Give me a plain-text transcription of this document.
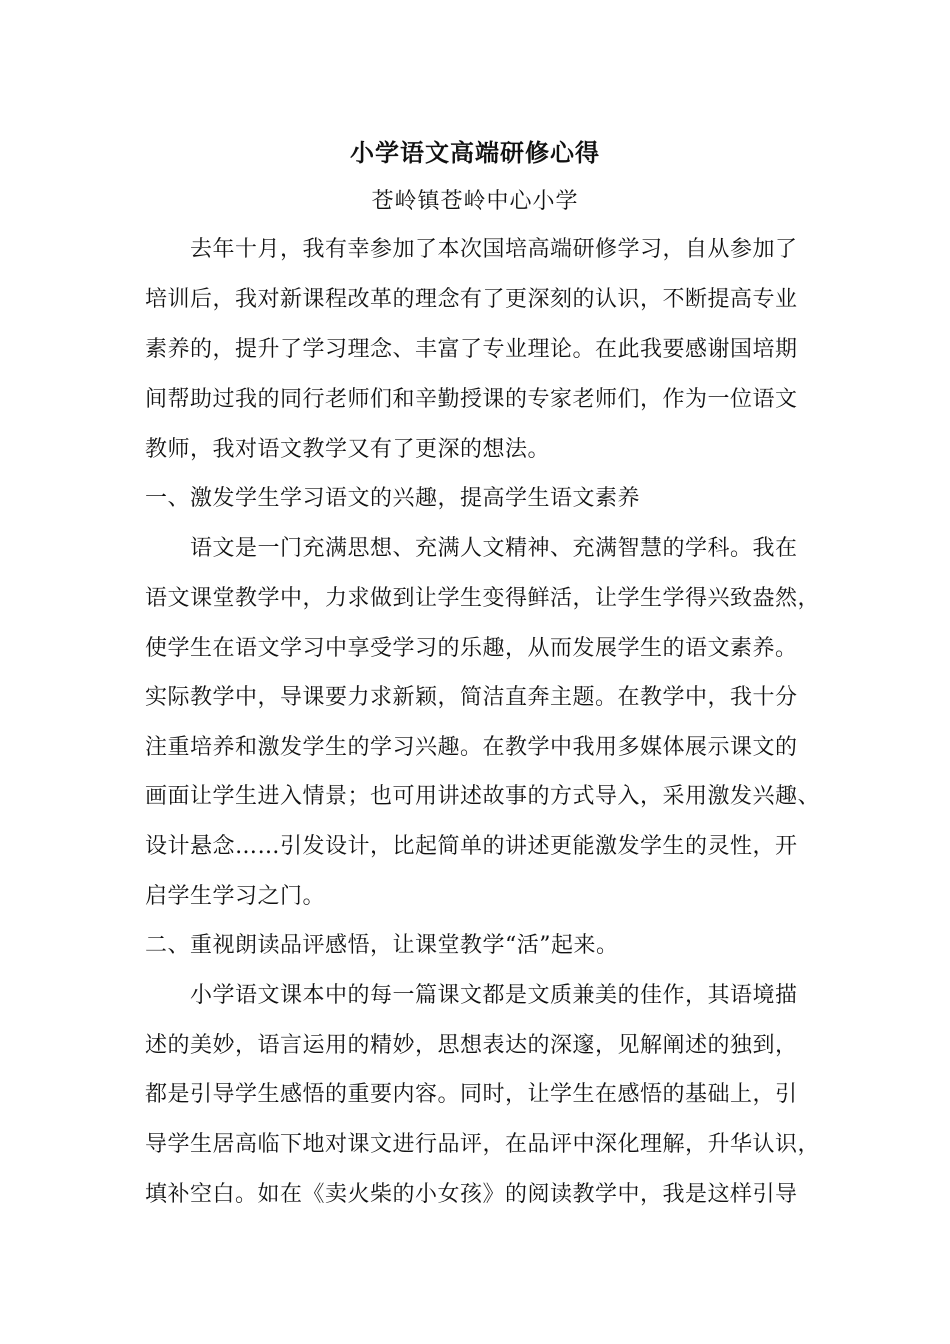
小学语文高端研修心得
苍岭镇苍岭中心小学
去年十月，我有幸参加了本次国培高端研修学习，自从参加了
培训后，我对新课程改革的理念有了更深刻的认识，不断提高专业
素养的，提升了学习理念、丰富了专业理论。在此我要感谢国培期
间帮助过我的同行老师们和辛勤授课的专家老师们，作为一位语文
教师，我对语文教学又有了更深的想法。
一、激发学生学习语文的兴趣，提高学生语文素养
语文是一门充满思想、充满人文精神、充满智慧的学科。我在
语文课堂教学中，力求做到让学生变得鲜活，让学生学得兴致盎然，
使学生在语文学习中享受学习的乐趣，从而发展学生的语文素养。
实际教学中，导课要力求新颖，简洁直奔主题。在教学中，我十分
注重培养和激发学生的学习兴趣。在教学中我用多媒体展示课文的
画面让学生进入情景；也可用讲述故事的方式导入，采用激发兴趣、
设计悬念……引发设计，比起简单的讲述更能激发学生的灵性，开
启学生学习之门。
二、重视朗读品评感悟，让课堂教学“活”起来。
小学语文课本中的每一篇课文都是文质兼美的佳作，其语境描
述的美妙，语言运用的精妙，思想表达的深邃，见解阐述的独到，
都是引导学生感悟的重要内容。同时，让学生在感悟的基础上，引
导学生居高临下地对课文进行品评，在品评中深化理解，升华认识，
填补空白。如在《卖火柴的小女孩》的阅读教学中，我是这样引导
